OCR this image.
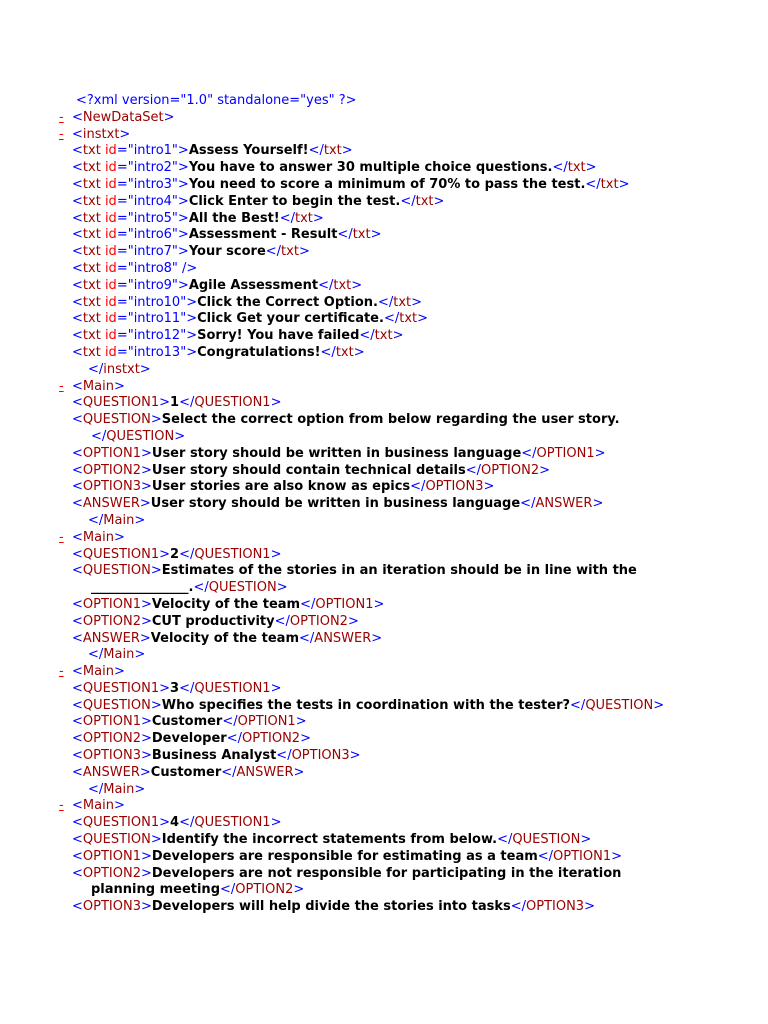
<?xml version="1.0" standalone="yes" ?>
- <NewDataSet>
- <instxt>
<txt id="intro1">Assess Yourself!</txt>
<txt id="intro2">You have to answer 30 multiple choice questions.</txt>
<txt id="intro3">You need to score a minimum of 70% to pass the test.</txt>
<txt id="intro4">Click Enter to begin the test.</txt>
<txt id="intro5">All the Best!</txt>
<txt id="intro6">Assessment - Result</txt>
<txt id="intro7">Your score</txt>
<txt id="intro8" />
<txt id="intro9">Agile Assessment</txt>
<txt id="intro10">Click the Correct Option.</txt>
<txt id="intro11">Click Get your certificate.</txt>
<txt id="intro12">Sorry! You have failed</txt>
<txt id="intro13">Congratulations!</txt>
</instxt>
- <Main>
<QUESTION1>1</QUESTION1>
<QUESTION>Select the correct option from below regarding the user story.
</QUESTION>
<OPTION1>User story should be written in business language</OPTION1>
<OPTION2>User story should contain technical details</OPTION2>
<OPTION3>User stories are also know as epics</OPTION3>
<ANSWER>User story should be written in business language</ANSWER>
</Main>
- <Main>
<QUESTION1>2</QUESTION1>
<QUESTION>Estimates of the stories in an iteration should be in line with the
_______________.</QUESTION>
<OPTION1>Velocity of the team</OPTION1>
<OPTION2>CUT productivity</OPTION2>
<ANSWER>Velocity of the team</ANSWER>
</Main>
- <Main>
<QUESTION1>3</QUESTION1>
<QUESTION>Who specifies the tests in coordination with the tester?</QUESTION>
<OPTION1>Customer</OPTION1>
<OPTION2>Developer</OPTION2>
<OPTION3>Business Analyst</OPTION3>
<ANSWER>Customer</ANSWER>
</Main>
- <Main>
<QUESTION1>4</QUESTION1>
<QUESTION>Identify the incorrect statements from below.</QUESTION>
<OPTION1>Developers are responsible for estimating as a team</OPTION1>
<OPTION2>Developers are not responsible for participating in the iteration
planning meeting</OPTION2>
<OPTION3>Developers will help divide the stories into tasks</OPTION3>
